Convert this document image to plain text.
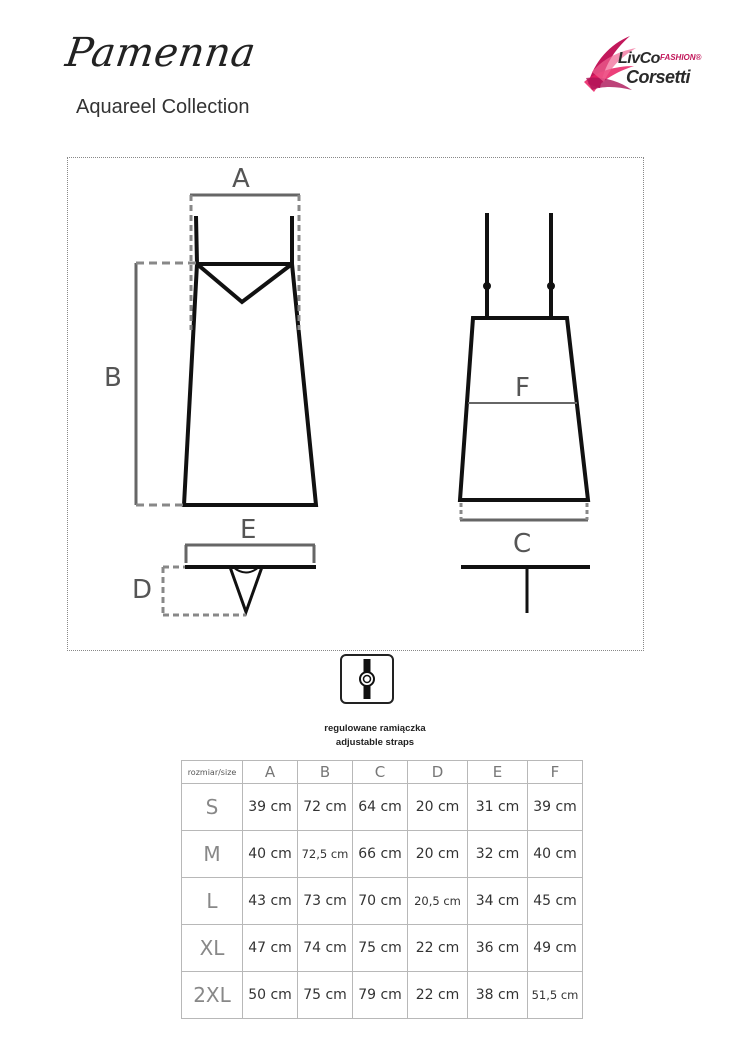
Pamenna
Aquareel Collection
LivCo FASHION®
Corsetti
A
B
E
D
F
C
regulowane ramiączka
adjustable straps
rozmiar/size	A	B	C	D	E	F
S	39 cm	72 cm	64 cm	20 cm	31 cm	39 cm
M	40 cm	72,5 cm	66 cm	20 cm	32 cm	40 cm
L	43 cm	73 cm	70 cm	20,5 cm	34 cm	45 cm
XL	47 cm	74 cm	75 cm	22 cm	36 cm	49 cm
2XL	50 cm	75 cm	79 cm	22 cm	38 cm	51,5 cm
